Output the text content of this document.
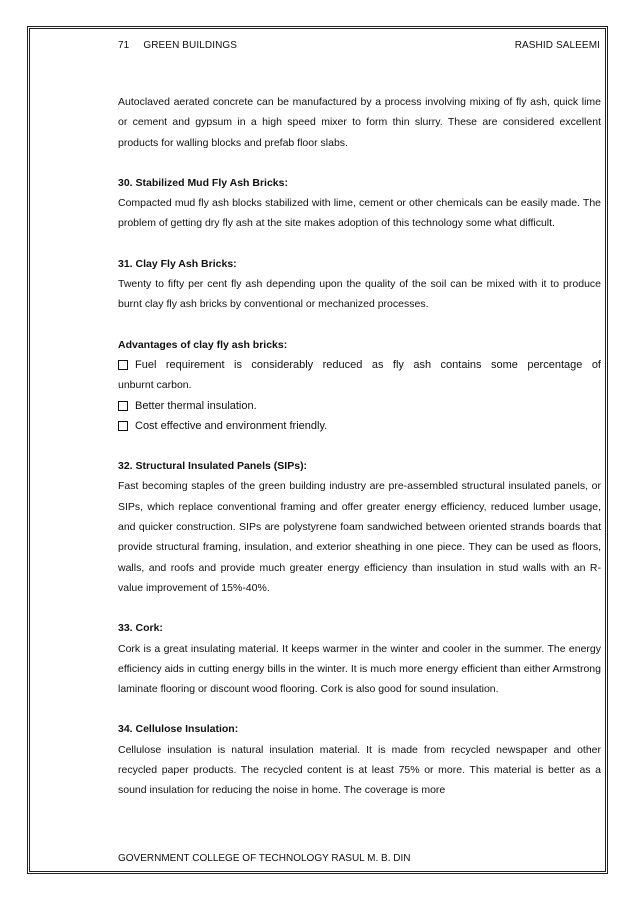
71 GREEN BUILDINGS	RASHID SALEEMI

Autoclaved aerated concrete can be manufactured by a process involving mixing of fly ash, quick lime or cement and gypsum in a high speed mixer to form thin slurry. These are considered excellent products for walling blocks and prefab floor slabs.

30. Stabilized Mud Fly Ash Bricks:

Compacted mud fly ash blocks stabilized with lime, cement or other chemicals can be easily made. The problem of getting dry fly ash at the site makes adoption of this technology some what difficult.

31. Clay Fly Ash Bricks:

Twenty to fifty per cent fly ash depending upon the quality of the soil can be mixed with it to produce burnt clay fly ash bricks by conventional or mechanized processes.

Advantages of clay fly ash bricks:

Fuel requirement is considerably reduced as fly ash contains some percentage of

unburnt carbon.

Better thermal insulation.
Cost effective and environment friendly.

32. Structural Insulated Panels (SIPs):

Fast becoming staples of the green building industry are pre-assembled structural insulated panels, or SIPs, which replace conventional framing and offer greater energy efficiency, reduced lumber usage, and quicker construction. SIPs are polystyrene foam sandwiched between oriented strands boards that provide structural framing, insulation, and exterior sheathing in one piece. They can be used as floors, walls, and roofs and provide much greater energy efficiency than insulation in stud walls with an R-value improvement of 15%-40%.

33. Cork:

Cork is a great insulating material. It keeps warmer in the winter and cooler in the summer. The energy efficiency aids in cutting energy bills in the winter. It is much more energy efficient than either Armstrong laminate flooring or discount wood flooring. Cork is also good for sound insulation.

34. Cellulose Insulation:

Cellulose insulation is natural insulation material. It is made from recycled newspaper and other recycled paper products. The recycled content is at least 75% or more. This material is better as a sound insulation for reducing the noise in home. The coverage is more

GOVERNMENT COLLEGE OF TECHNOLOGY RASUL M. B. DIN
